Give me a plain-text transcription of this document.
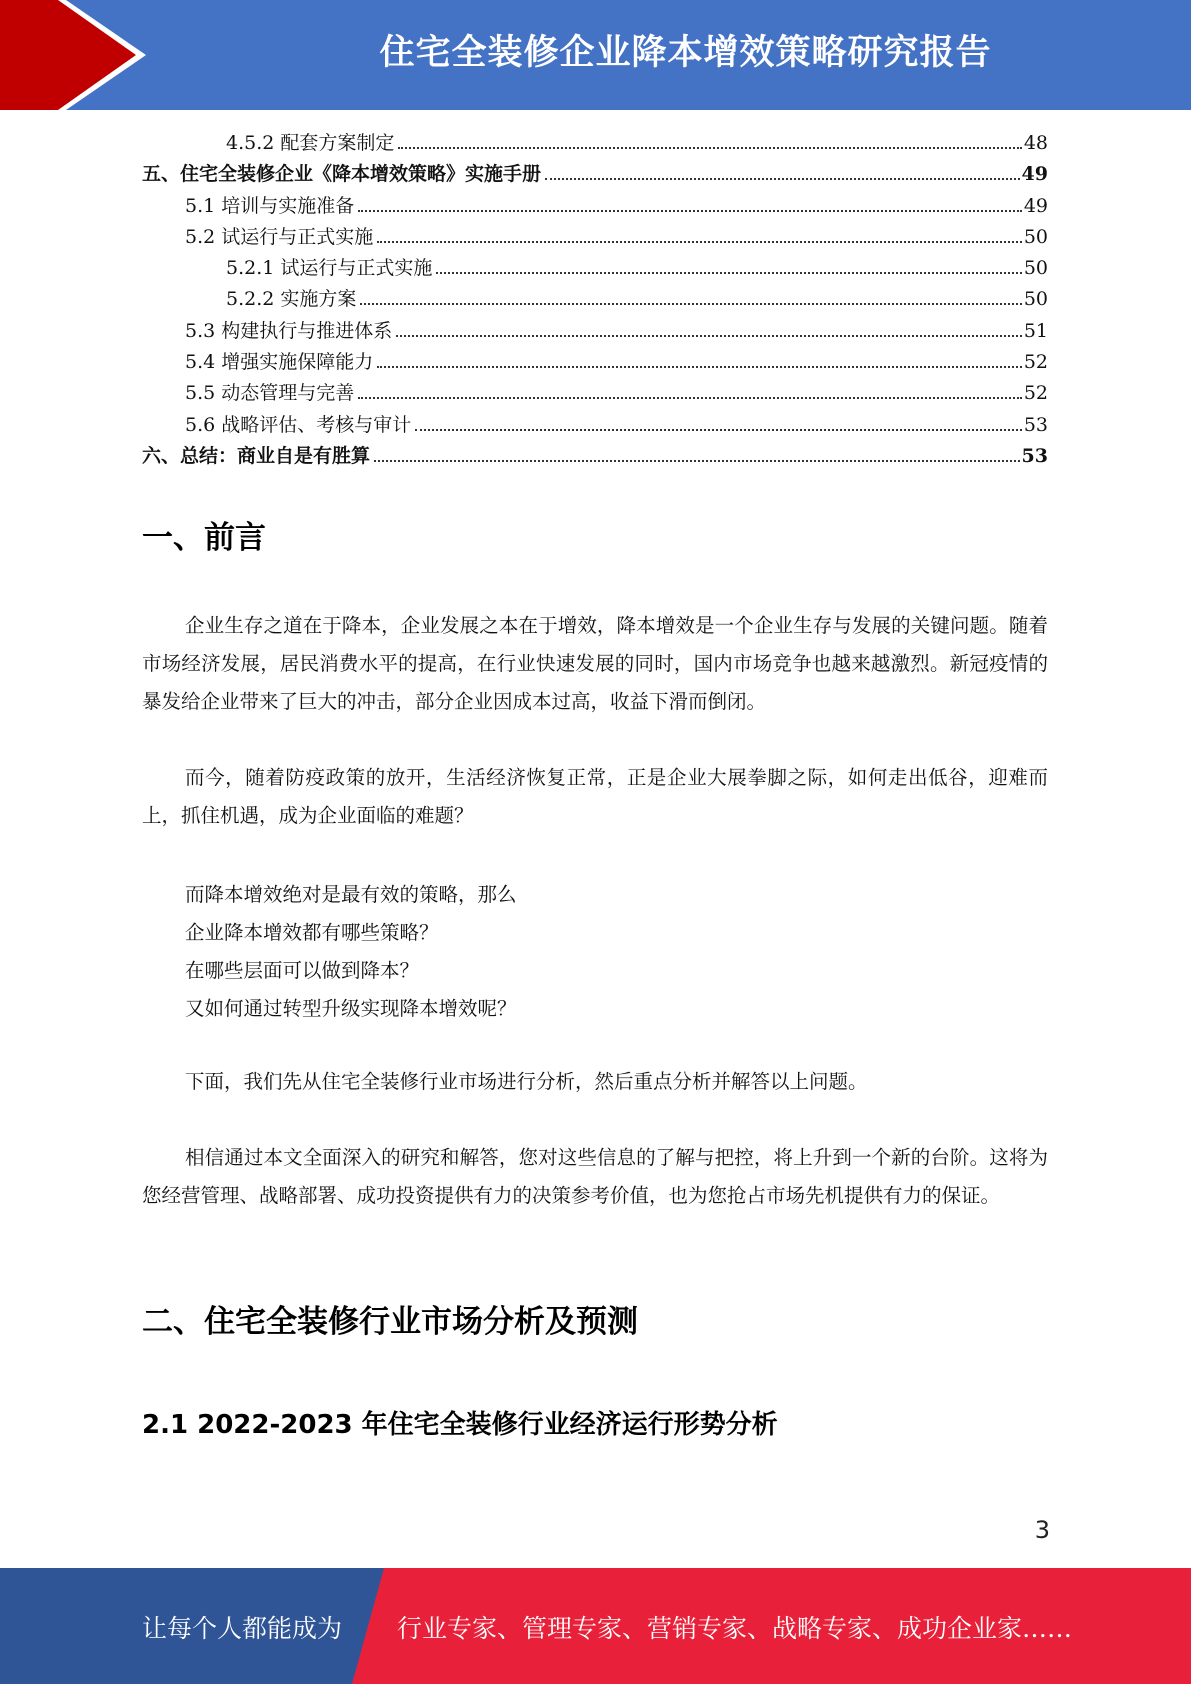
住宅全装修企业降本增效策略研究报告
4.5.2 配套方案制定	48
五、住宅全装修企业《降本增效策略》实施手册	49
5.1 培训与实施准备	49
5.2 试运行与正式实施	50
5.2.1 试运行与正式实施	50
5.2.2 实施方案	50
5.3 构建执行与推进体系	51
5.4 增强实施保障能力	52
5.5 动态管理与完善	52
5.6 战略评估、考核与审计	53
六、总结：商业自是有胜算	53
一、前言

企业生存之道在于降本，企业发展之本在于增效，降本增效是一个企业生存与发展的关键问题。随着市场经济发展，居民消费水平的提高，在行业快速发展的同时，国内市场竞争也越来越激烈。新冠疫情的暴发给企业带来了巨大的冲击，部分企业因成本过高，收益下滑而倒闭。

而今，随着防疫政策的放开，生活经济恢复正常，正是企业大展拳脚之际，如何走出低谷，迎难而上，抓住机遇，成为企业面临的难题？

而降本增效绝对是最有效的策略，那么
企业降本增效都有哪些策略？
在哪些层面可以做到降本？
又如何通过转型升级实现降本增效呢？

下面，我们先从住宅全装修行业市场进行分析，然后重点分析并解答以上问题。

相信通过本文全面深入的研究和解答，您对这些信息的了解与把控，将上升到一个新的台阶。这将为您经营管理、战略部署、成功投资提供有力的决策参考价值，也为您抢占市场先机提供有力的保证。

二、住宅全装修行业市场分析及预测
2.1 2022-2023 年住宅全装修行业经济运行形势分析
3
让每个人都能成为 行业专家、管理专家、营销专家、战略专家、成功企业家……
